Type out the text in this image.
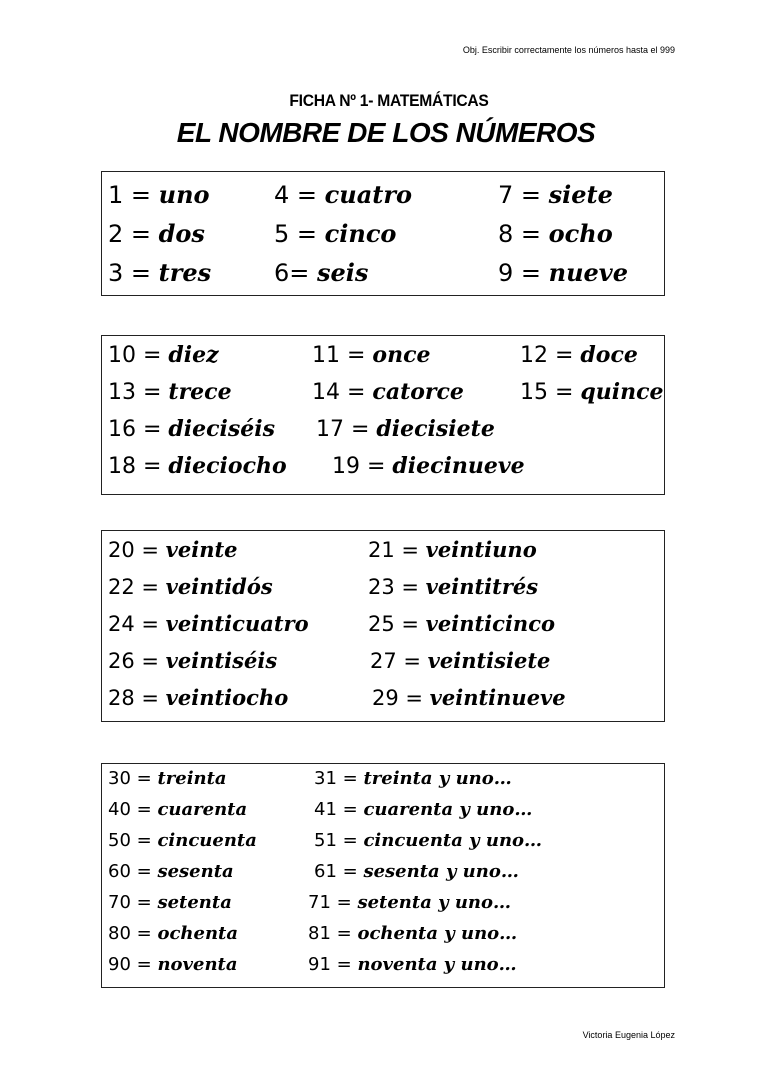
Obj. Escribir correctamente los números hasta el 999
FICHA Nº 1- MATEMÁTICAS
EL NOMBRE DE LOS NÚMEROS
1 = uno	4 = cuatro	7 = siete
2 = dos	5 = cinco	8 = ocho
3 = tres	6= seis	9 = nueve
10 = diez	11 = once	12 = doce
13 = trece	14 = catorce	15 = quince
16 = dieciséis 17 = diecisiete
18 = dieciocho 19 = diecinueve
20 = veinte	21 = veintiuno
22 = veintidós	23 = veintitrés
24 = veinticuatro	25 = veinticinco
26 = veintiséis	27 = veintisiete
28 = veintiocho	29 = veintinueve
30 = treinta	31 = treinta y uno…
40 = cuarenta	41 = cuarenta y uno…
50 = cincuenta	51 = cincuenta y uno…
60 = sesenta	61 = sesenta y uno…
70 = setenta	71 = setenta y uno…
80 = ochenta	81 = ochenta y uno…
90 = noventa	91 = noventa y uno…
Victoria Eugenia López
